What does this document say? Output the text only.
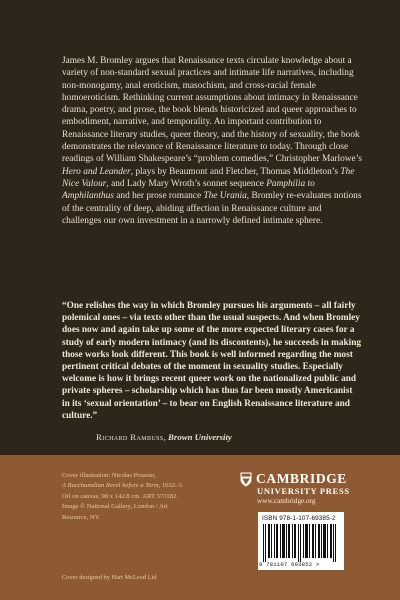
James M. Bromley argues that Renaissance texts circulate knowledge about a variety of non-standard sexual practices and intimate life narratives, including non-monogamy, anal eroticism, masochism, and cross-racial female homoeroticism. Rethinking current assumptions about intimacy in Renaissance drama, poetry, and prose, the book blends historicized and queer approaches to embodiment, narrative, and temporality. An important contribution to Renaissance literary studies, queer theory, and the history of sexuality, the book demonstrates the relevance of Renaissance literature to today. Through close readings of William Shakespeare’s “problem comedies,” Christopher Marlowe’s Hero and Leander, plays by Beaumont and Fletcher, Thomas Middleton’s The Nice Valour, and Lady Mary Wroth’s sonnet sequence Pamphilia to Amphilanthus and her prose romance The Urania, Bromley re-evaluates notions of the centrality of deep, abiding affection in Renaissance culture and challenges our own investment in a narrowly defined intimate sphere.

“One relishes the way in which Bromley pursues his arguments – all fairly polemical ones – via texts other than the usual suspects. And when Bromley does now and again take up some of the more expected literary cases for a study of early modern intimacy (and its discontents), he succeeds in making those works look different. This book is well informed regarding the most pertinent critical debates of the moment in sexuality studies. Especially welcome is how it brings recent queer work on the nationalized public and private spheres – scholarship which has thus far been mostly Americanist in its ‘sexual orientation’ – to bear on English Renaissance literature and culture.”

Richard Rambuss, Brown University
Cover illustration: Nicolas Poussin,
A Bacchanalian Revel before a Term, 1632–3.
Oil on canvas, 98 x 142.8 cm. ART 373182.
Image © National Gallery, London / Art
Resource, NY.
Cover designed by Hart McLeod Ltd
CAMBRIDGE
UNIVERSITY PRESS
www.cambridge.org
ISBN 978-1-107-69385-2
9 781107 693852 >
